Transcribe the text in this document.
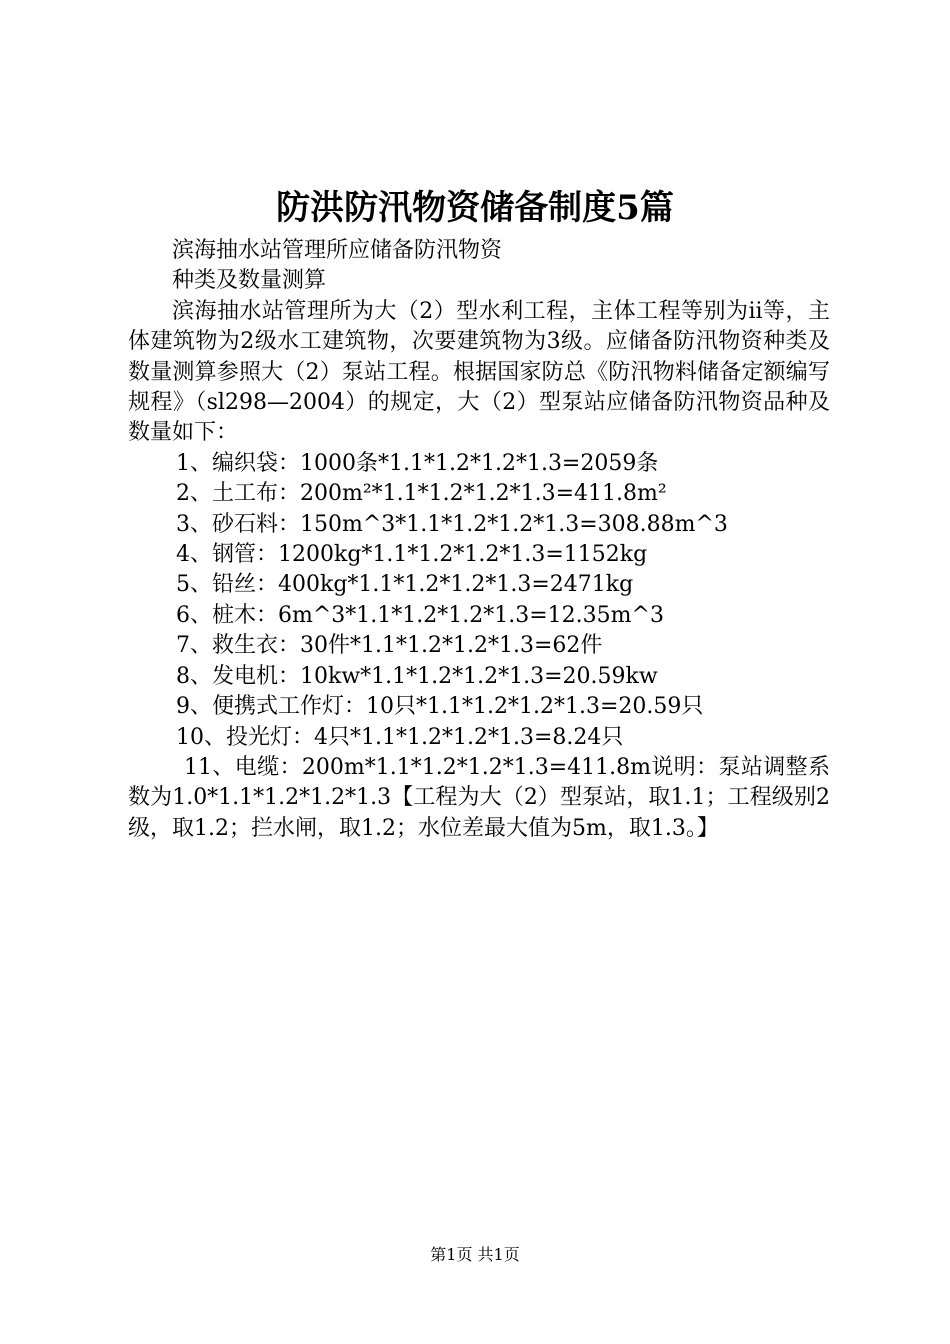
防洪防汛物资储备制度5篇

滨海抽水站管理所应储备防汛物资

种类及数量测算

滨海抽水站管理所为大（2）型水利工程，主体工程等别为ii等，主体建筑物为2级水工建筑物，次要建筑物为3级。应储备防汛物资种类及数量测算参照大（2）泵站工程。根据国家防总《防汛物料储备定额编写规程》（sl298—2004）的规定，大（2）型泵站应储备防汛物资品种及数量如下：

1、编织袋：1000条*1.1*1.2*1.2*1.3=2059条

2、土工布：200m²*1.1*1.2*1.2*1.3=411.8m²

3、砂石料：150m^3*1.1*1.2*1.2*1.3=308.88m^3

4、钢管：1200kg*1.1*1.2*1.2*1.3=1152kg

5、铅丝：400kg*1.1*1.2*1.2*1.3=2471kg

6、桩木：6m^3*1.1*1.2*1.2*1.3=12.35m^3

7、救生衣：30件*1.1*1.2*1.2*1.3=62件

8、发电机：10kw*1.1*1.2*1.2*1.3=20.59kw

9、便携式工作灯：10只*1.1*1.2*1.2*1.3=20.59只

10、投光灯：4只*1.1*1.2*1.2*1.3=8.24只

11、电缆：200m*1.1*1.2*1.2*1.3=411.8m说明：泵站调整系数为1.0*1.1*1.2*1.2*1.3【工程为大（2）型泵站，取1.1；工程级别2级，取1.2；拦水闸，取1.2；水位差最大值为5m，取1.3。】

第1页 共1页
